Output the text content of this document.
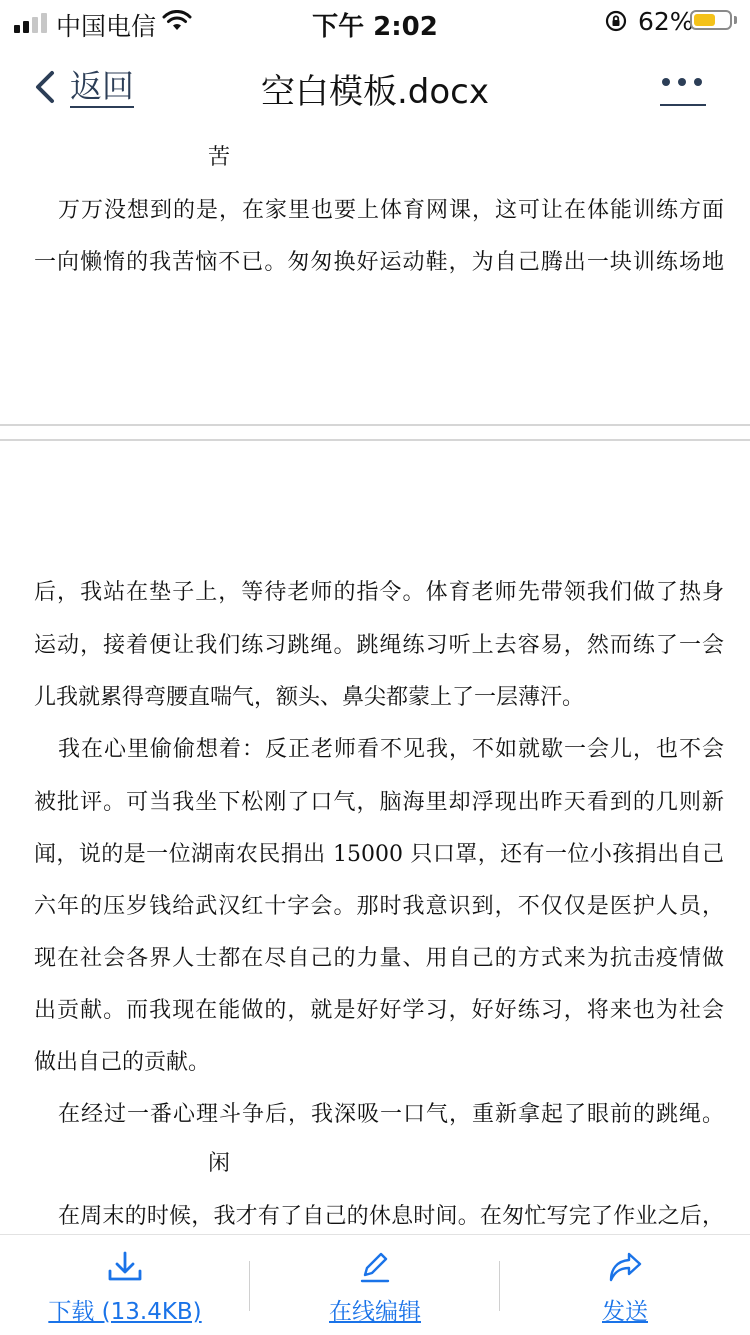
中国电信	下午 2:02	62%
返回	空白模板.docx
苦
万万没想到的是，在家里也要上体育网课，这可让在体能训练方面
一向懒惰的我苦恼不已。匆匆换好运动鞋，为自己腾出一块训练场地
后，我站在垫子上，等待老师的指令。体育老师先带领我们做了热身
运动，接着便让我们练习跳绳。跳绳练习听上去容易，然而练了一会
儿我就累得弯腰直喘气，额头、鼻尖都蒙上了一层薄汗。
我在心里偷偷想着：反正老师看不见我，不如就歇一会儿，也不会
被批评。可当我坐下松刚了口气，脑海里却浮现出昨天看到的几则新
闻，说的是一位湖南农民捐出 15000 只口罩，还有一位小孩捐出自己
六年的压岁钱给武汉红十字会。那时我意识到，不仅仅是医护人员，
现在社会各界人士都在尽自己的力量、用自己的方式来为抗击疫情做
出贡献。而我现在能做的，就是好好学习，好好练习，将来也为社会
做出自己的贡献。
在经过一番心理斗争后，我深吸一口气，重新拿起了眼前的跳绳。
闲
在周末的时候，我才有了自己的休息时间。在匆忙写完了作业之后，
下载 (13.4KB)	在线编辑	发送
